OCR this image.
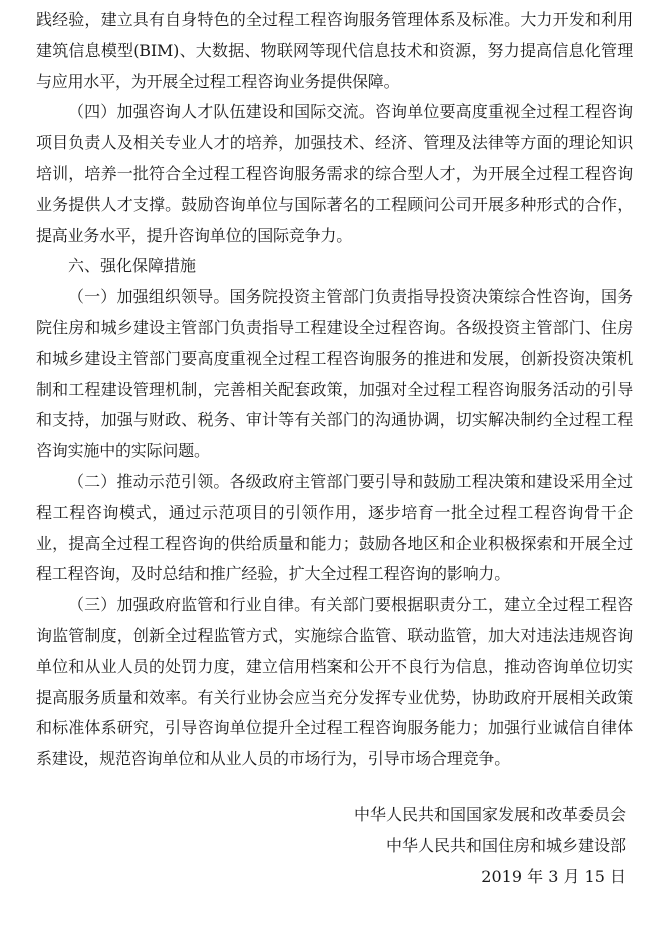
践经验，建立具有自身特色的全过程工程咨询服务管理体系及标准。大力开发和利用建筑信息模型(BIM)、大数据、物联网等现代信息技术和资源，努力提高信息化管理与应用水平，为开展全过程工程咨询业务提供保障。

（四）加强咨询人才队伍建设和国际交流。咨询单位要高度重视全过程工程咨询项目负责人及相关专业人才的培养，加强技术、经济、管理及法律等方面的理论知识培训，培养一批符合全过程工程咨询服务需求的综合型人才，为开展全过程工程咨询业务提供人才支撑。鼓励咨询单位与国际著名的工程顾问公司开展多种形式的合作，提高业务水平，提升咨询单位的国际竞争力。

六、强化保障措施

（一）加强组织领导。国务院投资主管部门负责指导投资决策综合性咨询，国务院住房和城乡建设主管部门负责指导工程建设全过程咨询。各级投资主管部门、住房和城乡建设主管部门要高度重视全过程工程咨询服务的推进和发展，创新投资决策机制和工程建设管理机制，完善相关配套政策，加强对全过程工程咨询服务活动的引导和支持，加强与财政、税务、审计等有关部门的沟通协调，切实解决制约全过程工程咨询实施中的实际问题。

（二）推动示范引领。各级政府主管部门要引导和鼓励工程决策和建设采用全过程工程咨询模式，通过示范项目的引领作用，逐步培育一批全过程工程咨询骨干企业，提高全过程工程咨询的供给质量和能力；鼓励各地区和企业积极探索和开展全过程工程咨询，及时总结和推广经验，扩大全过程工程咨询的影响力。

（三）加强政府监管和行业自律。有关部门要根据职责分工，建立全过程工程咨询监管制度，创新全过程监管方式，实施综合监管、联动监管，加大对违法违规咨询单位和从业人员的处罚力度，建立信用档案和公开不良行为信息，推动咨询单位切实提高服务质量和效率。有关行业协会应当充分发挥专业优势，协助政府开展相关政策和标准体系研究，引导咨询单位提升全过程工程咨询服务能力；加强行业诚信自律体系建设，规范咨询单位和从业人员的市场行为，引导市场合理竞争。

中华人民共和国国家发展和改革委员会

中华人民共和国住房和城乡建设部

2019 年 3 月 15 日
